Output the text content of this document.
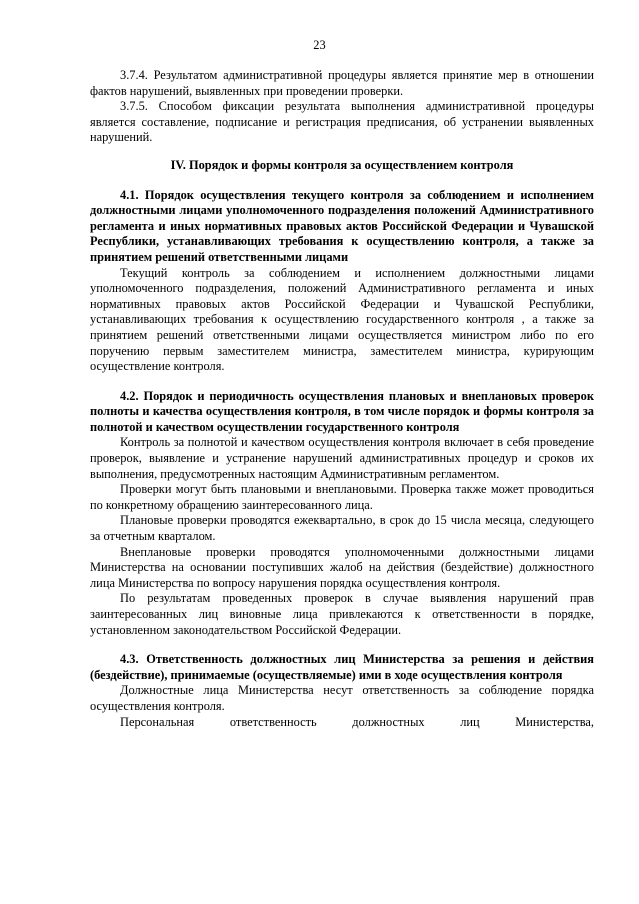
23

3.7.4. Результатом административной процедуры является принятие мер в отношении фактов нарушений, выявленных при проведении проверки.

3.7.5. Способом фиксации результата выполнения административной процедуры является составление, подписание и регистрация предписания, об устранении выявленных нарушений.

IV. Порядок и формы контроля за осуществлением контроля

4.1. Порядок осуществления текущего контроля за соблюдением и исполнением должностными лицами уполномоченного подразделения положений Административного регламента и иных нормативных правовых актов Российской Федерации и Чувашской Республики, устанавливающих требования к осуществлению контроля, а также за принятием решений ответственными лицами

Текущий контроль за соблюдением и исполнением должностными лицами уполномоченного подразделения, положений Административного регламента и иных нормативных правовых актов Российской Федерации и Чувашской Республики, устанавливающих требования к осуществлению государственного контроля , а также за принятием решений ответственными лицами осуществляется министром либо по его поручению первым заместителем министра, заместителем министра, курирующим осуществление контроля.

4.2. Порядок и периодичность осуществления плановых и внеплановых проверок полноты и качества осуществления контроля, в том числе порядок и формы контроля за полнотой и качеством осуществлении государственного контроля

Контроль за полнотой и качеством осуществления контроля включает в себя проведение проверок, выявление и устранение нарушений административных процедур и сроков их выполнения, предусмотренных настоящим Административным регламентом.

Проверки могут быть плановыми и внеплановыми. Проверка также может проводиться по конкретному обращению заинтересованного лица.

Плановые проверки проводятся ежеквартально, в срок до 15 числа месяца, следующего за отчетным кварталом.

Внеплановые проверки проводятся уполномоченными должностными лицами Министерства на основании поступивших жалоб на действия (бездействие) должностного лица Министерства по вопросу нарушения порядка осуществления контроля.

По результатам проведенных проверок в случае выявления нарушений прав заинтересованных лиц виновные лица привлекаются к ответственности в порядке, установленном законодательством Российской Федерации.

4.3. Ответственность должностных лиц Министерства за решения и действия (бездействие), принимаемые (осуществляемые) ими в ходе осуществления контроля

Должностные лица Министерства несут ответственность за соблюдение порядка осуществления контроля.

Персональная ответственность должностных лиц Министерства,
